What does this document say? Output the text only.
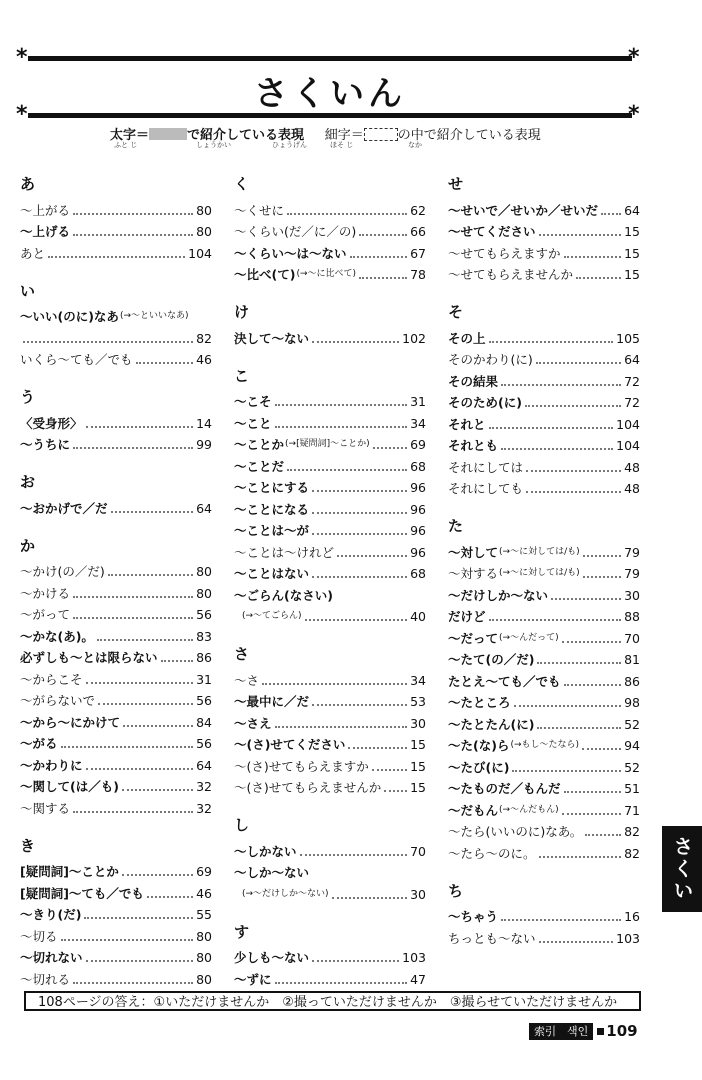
*	*
*	*
さくいん
太字＝	で紹介している表現 細字＝	の中で紹介している表現
ふと じ	しょうかい	ひょうげん	ほそ じ	なか
あ
～上がる	80
～上げる	80
あと	104
い
～いい(のに)なあ (→～といいなあ)
82
いくら～ても／でも	46
う
〈受身形〉	14
～うちに	99
お
～おかげで／だ	64
か
～かけ(の／だ)	80
～かける	80
～がって	56
～かな(あ)。	83
必ずしも～とは限らない	86
～からこそ	31
～がらないで	56
～から～にかけて	84
～がる	56
～かわりに	64
～関して(は／も)	32
～関する	32
き
[疑問詞]～ことか	69
[疑問詞]～ても／でも	46
～きり(だ)	55
～切る	80
～切れない	80
～切れる	80
く
～くせに	62
～くらい(だ／に／の)	66
～くらい～は～ない	67
～比べ(て) (→～に比べて)	78
け
決して～ない	102
こ
～こそ	31
～こと	34
～ことか (→[疑問詞]～ことか)	69
～ことだ	68
～ことにする	96
～ことになる	96
～ことは～が	96
～ことは～けれど	96
～ことはない	68
～ごらん(なさい)
(→～てごらん)	40
さ
～さ	34
～最中に／だ	53
～さえ	30
～(さ)せてください	15
～(さ)せてもらえますか	15
～(さ)せてもらえませんか 15
し
～しかない	70
～しか～ない
(→～だけしか～ない)	30
す
少しも～ない	103
～ずに	47
せ
～せいで／せいか／せいだ 64
～せてください	15
～せてもらえますか	15
～せてもらえませんか	15
そ
その上	105
そのかわり(に)	64
その結果	72
そのため(に)	72
それと	104
それとも	104
それにしては	48
それにしても	48
た
～対して (→～に対しては/も)	79
～対する (→～に対しては/も)	79
～だけしか～ない	30
だけど	88
～だって (→～んだって)	70
～たて(の／だ)	81
たとえ～ても／でも	86
～たところ	98
～たとたん(に)	52
～た(な)ら (→もし～たなら)	94
～たび(に)	52
～たものだ／もんだ	51
～だもん (→～んだもん)	71
～たら(いいのに)なあ。	82
～たら～のに。	82
ち
～ちゃう	16
ちっとも～ない	103
さくいん
108ページの答え：①いただけませんか　②撮っていただけませんか　③撮らせていただけませんか
索引　색인	109
